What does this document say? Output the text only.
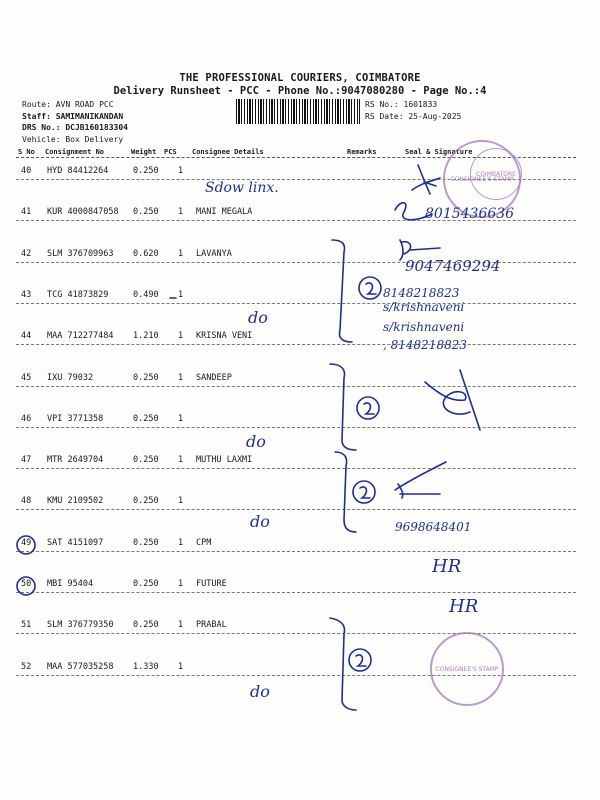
THE PROFESSIONAL COURIERS, COIMBATORE
Delivery Runsheet - PCC - Phone No.:9047080280 - Page No.:4
Route: AVN ROAD PCC
Staff: SAMIMANIKANDAN
DRS No.: DCJB160183304
Vehicle: Box Delivery
RS No.: 1601833
RS Date: 25-Aug-2025
S No Consignment No	Weight PCS Consignee Details	Remarks	Seal & Signature
40 HYD 84412264	0.250 1
41 KUR 4000847058 0.250 1 MANI MEGALA
42 SLM 376709963 0.620 1 LAVANYA
43 TCG 41873829	0.490 1
44 MAA 712277484 1.210 1 KRISNA VENI
45 IXU 79032	0.250 1 SANDEEP
46 VPI 3771358	0.250 1
47 MTR 2649704	0.250 1 MUTHU LAXMI
48 KMU 2109502	0.250 1
49 SAT 4151097	0.250 1 CPM
50 MBI 95404	0.250 1 FUTURE
51 SLM 376779350 0.250 1 PRABAL
52 MAA 577035258 1.330 1
CONSIGNEE'S STAMP
COIMBATORE
CONSIGNEE'S STAMP
Sdow linx.
8015436636
9047469294
8148218823
s/krishnaveni
s/krishnaveni
, 8148218823
do
do
do	9698648401
HR
HR
do
